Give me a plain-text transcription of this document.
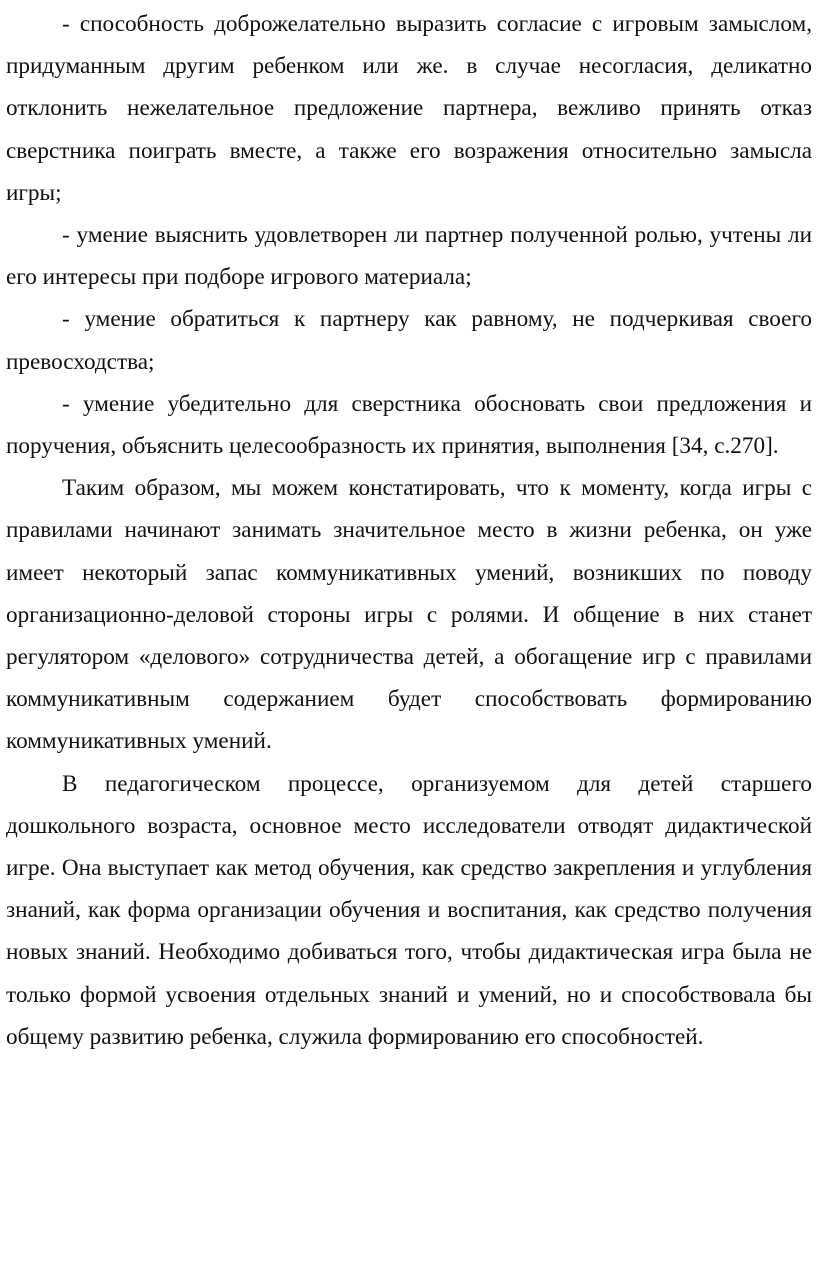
- способность доброжелательно выразить согласие с игровым замыслом, придуманным другим ребенком или же. в случае несогласия, деликатно отклонить нежелательное предложение партнера, вежливо принять отказ сверстника поиграть вместе, а также его возражения относительно замысла игры;

- умение выяснить удовлетворен ли партнер полученной ролью, учтены ли его интересы при подборе игрового материала;

- умение обратиться к партнеру как равному, не подчеркивая своего превосходства;

- умение убедительно для сверстника обосновать свои предложения и поручения, объяснить целесообразность их принятия, выполнения [34, с.270].

Таким образом, мы можем констатировать, что к моменту, когда игры с правилами начинают занимать значительное место в жизни ребенка, он уже имеет некоторый запас коммуникативных умений, возникших по поводу организационно-деловой стороны игры с ролями. И общение в них станет регулятором «делового» сотрудничества детей, а обогащение игр с правилами коммуникативным содержанием будет способствовать формированию коммуникативных умений.

В педагогическом процессе, организуемом для детей старшего дошкольного возраста, основное место исследователи отводят дидактической игре. Она выступает как метод обучения, как средство закрепления и углубления знаний, как форма организации обучения и воспитания, как средство получения новых знаний. Необходимо добиваться того, чтобы дидактическая игра была не только формой усвоения отдельных знаний и умений, но и способствовала бы общему развитию ребенка, служила формированию его способностей.
